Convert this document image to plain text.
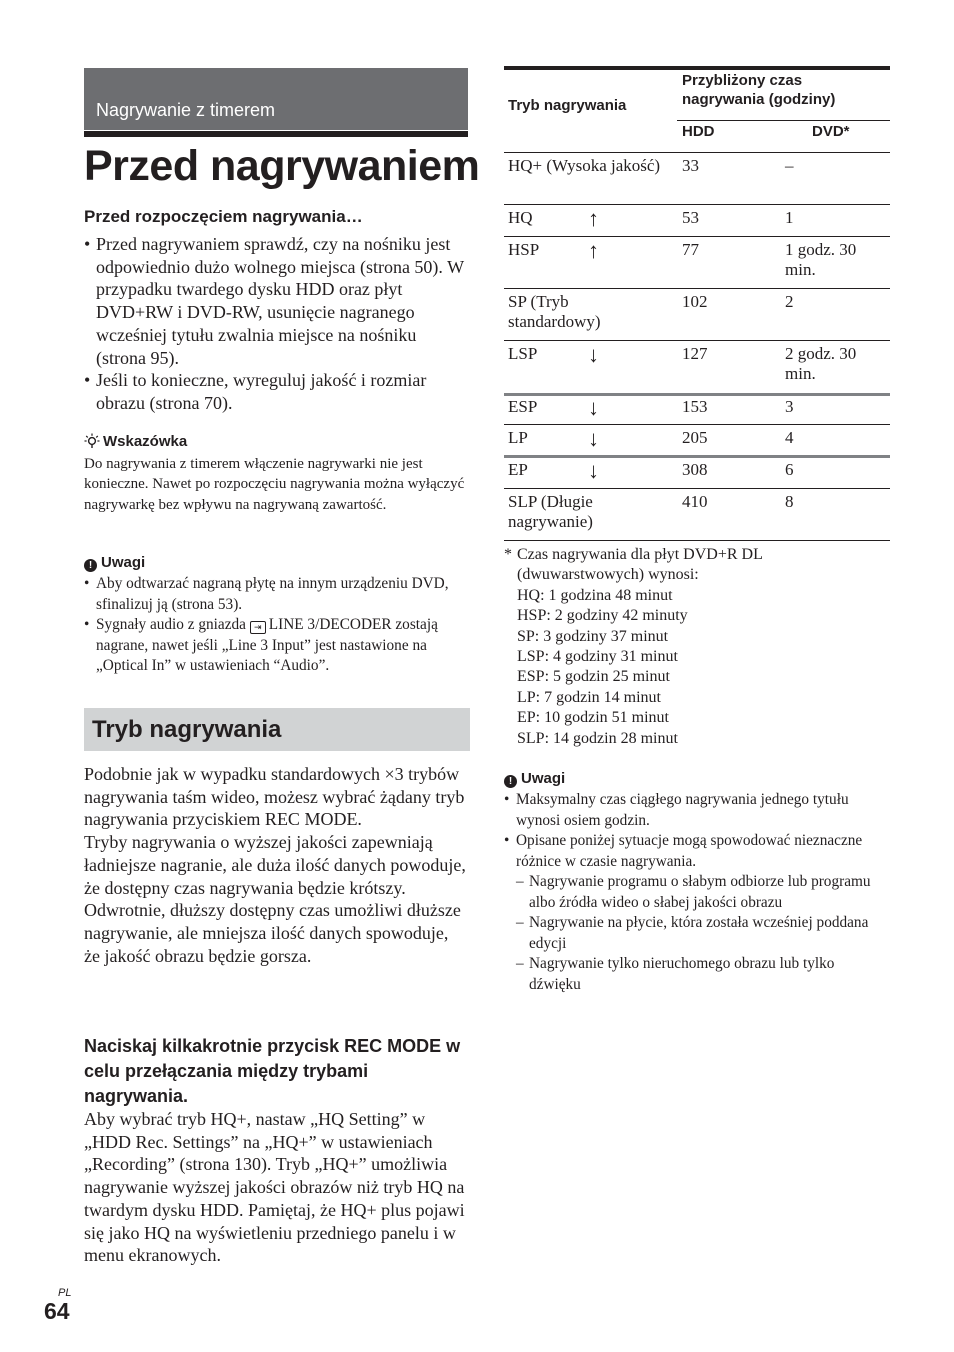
Nagrywanie z timerem
Przed nagrywaniem
Przed rozpoczęciem nagrywania…
• Przed nagrywaniem sprawdź, czy na nośniku jest odpowiednio dużo wolnego miejsca (strona 50). W przypadku twardego dysku HDD oraz płyt DVD+RW i DVD-RW, usunięcie nagranego wcześniej tytułu zwalnia miejsce na nośniku (strona 95).
• Jeśli to konieczne, wyreguluj jakość i rozmiar obrazu (strona 70).
Wskazówka
Do nagrywania z timerem włączenie nagrywarki nie jest konieczne. Nawet po rozpoczęciu nagrywania można wyłączyć nagrywarkę bez wpływu na nagrywaną zawartość.
! Uwagi
• Aby odtwarzać nagraną płytę na innym urządzeniu DVD, sfinalizuj ją (strona 53).
• Sygnały audio z gniazda ⇥ LINE 3/DECODER zostają nagrane, nawet jeśli „Line 3 Input” jest nastawione na „Optical In” w ustawieniach “Audio”.
Tryb nagrywania

Podobnie jak w wypadku standardowych ×3 trybów nagrywania taśm wideo, możesz wybrać żądany tryb nagrywania przyciskiem REC MODE.

Tryby nagrywania o wyższej jakości zapewniają ładniejsze nagranie, ale duża ilość danych powoduje, że dostępny czas nagrywania będzie krótszy.

Odwrotnie, dłuższy dostępny czas umożliwi dłuższe nagrywanie, ale mniejsza ilość danych spowoduje, że jakość obrazu będzie gorsza.

Naciskaj kilkakrotnie przycisk REC MODE w celu przełączania między trybami nagrywania.
Aby wybrać tryb HQ+, nastaw „HQ Setting” w „HDD Rec. Settings” na „HQ+” w ustawieniach „Recording” (strona 130). Tryb „HQ+” umożliwia nagrywanie wyższej jakości obrazów niż tryb HQ na twardym dysku HDD. Pamiętaj, że HQ+ plus pojawi się jako HQ na wyświetleniu przedniego panelu i w menu ekranowych.
PL
64
Tryb nagrywania
Przybliżony czas nagrywania (godziny)
HDD	DVD*
HQ+ (Wysoka jakość)	33	–
HQ	53	1
↑
HSP	77	1 godz. 30 min.
↑
SP (Tryb standardowy)
102	2
LSP	127	2 godz. 30 min.
↓
ESP	153	3
↓
LP	205	4
↓
EP	308	6
↓
SLP (Długie nagrywanie)
410	8
* Czas nagrywania dla płyt DVD+R DL (dwuwarstwowych) wynosi:
HQ: 1 godzina 48 minut
HSP: 2 godziny 42 minuty
SP: 3 godziny 37 minut
LSP: 4 godziny 31 minut
ESP: 5 godzin 25 minut
LP: 7 godzin 14 minut
EP: 10 godzin 51 minut
SLP: 14 godzin 28 minut
! Uwagi
• Maksymalny czas ciągłego nagrywania jednego tytułu wynosi osiem godzin.
• Opisane poniżej sytuacje mogą spowodować nieznaczne różnice w czasie nagrywania.
– Nagrywanie programu o słabym odbiorze lub programu albo źródła wideo o słabej jakości obrazu
– Nagrywanie na płycie, która została wcześniej poddana edycji
– Nagrywanie tylko nieruchomego obrazu lub tylko dźwięku
